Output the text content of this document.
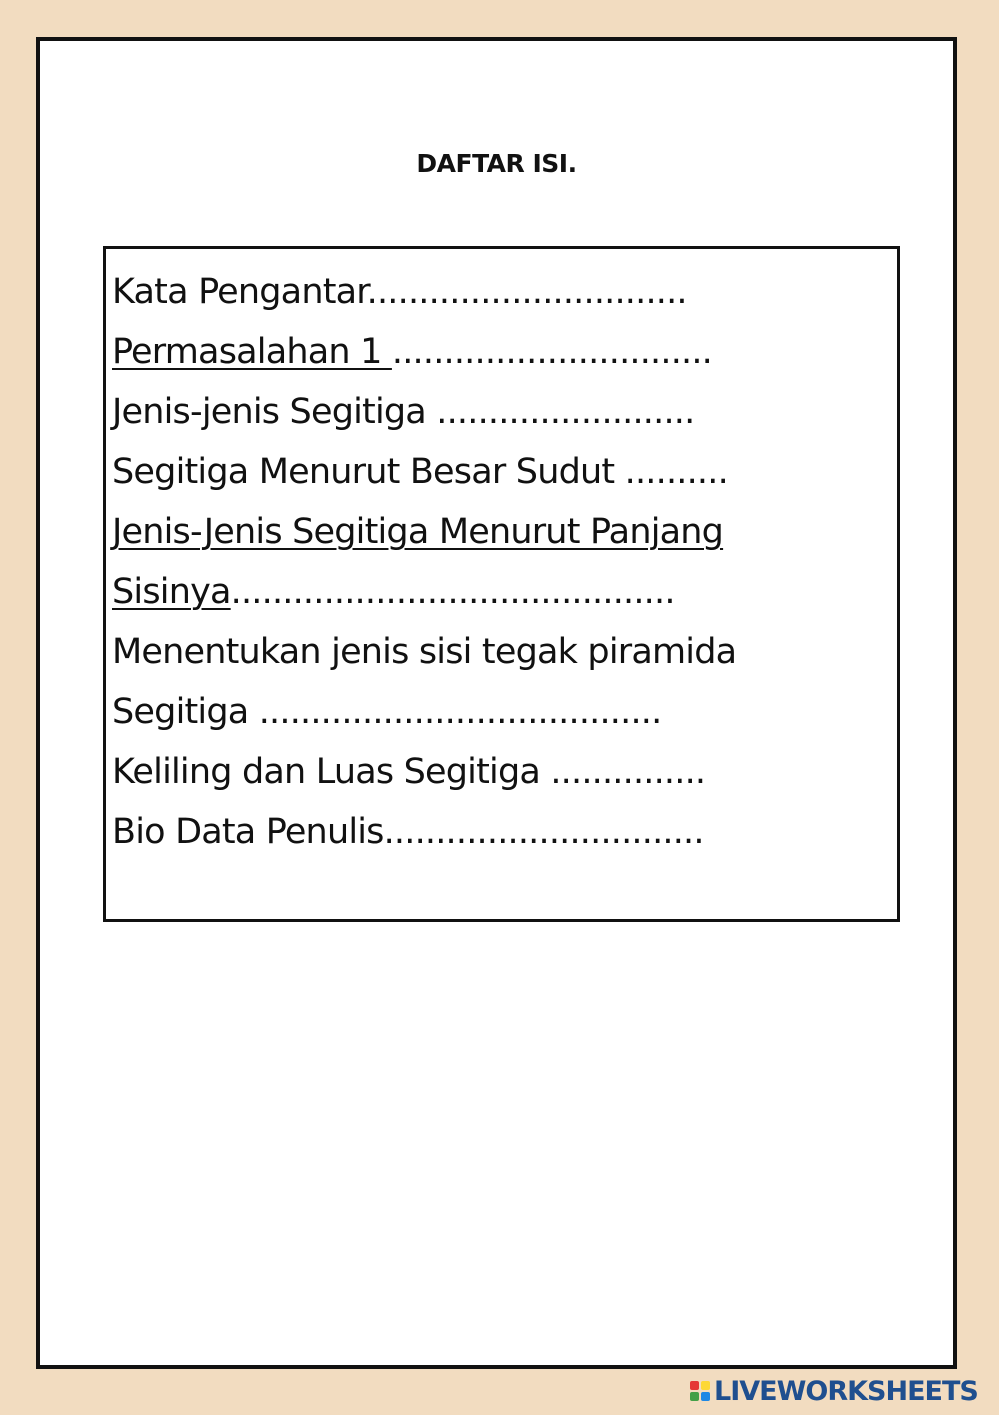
DAFTAR ISI.
Kata Pengantar...............................
Permasalahan 1 ...............................
Jenis-jenis Segitiga .........................
Segitiga Menurut Besar Sudut ..........
Jenis-Jenis Segitiga Menurut Panjang
Sisinya...........................................
Menentukan jenis sisi tegak piramida
Segitiga .......................................
Keliling dan Luas Segitiga ...............
Bio Data Penulis...............................
LIVEWORKSHEETS
